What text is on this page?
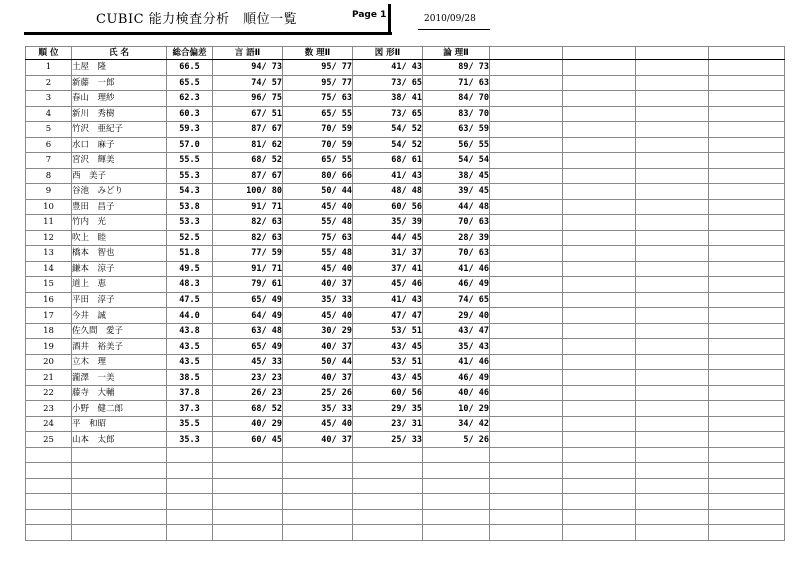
CUBIC 能力検査分析　順位一覧	Page 1	2010/09/28
順 位	氏 名	総合偏差	言 語Ⅱ	数 理Ⅱ	図 形Ⅱ	論 理Ⅱ				
1	土屋　隆	66.5	94/ 73	95/ 77	41/ 43	89/ 73				
2	新藤　一郎	65.5	74/ 57	95/ 77	73/ 65	71/ 63				
3	春山　理紗	62.3	96/ 75	75/ 63	38/ 41	84/ 70				
4	新川　秀樹	60.3	67/ 51	65/ 55	73/ 65	83/ 70				
5	竹沢　亜紀子	59.3	87/ 67	70/ 59	54/ 52	63/ 59				
6	水口　麻子	57.0	81/ 62	70/ 59	54/ 52	56/ 55				
7	宮沢　輝美	55.5	68/ 52	65/ 55	68/ 61	54/ 54				
8	西　美子	55.3	87/ 67	80/ 66	41/ 43	38/ 45				
9	谷池　みどり	54.3	100/ 80	50/ 44	48/ 48	39/ 45				
10	豊田　昌子	53.8	91/ 71	45/ 40	60/ 56	44/ 48				
11	竹内　光	53.3	82/ 63	55/ 48	35/ 39	70/ 63				
12	吹上　睦	52.5	82/ 63	75/ 63	44/ 45	28/ 39				
13	橋本　智也	51.8	77/ 59	55/ 48	31/ 37	70/ 63				
14	鎌本　涼子	49.5	91/ 71	45/ 40	37/ 41	41/ 46				
15	道上　恵	48.3	79/ 61	40/ 37	45/ 46	46/ 49				
16	平田　淳子	47.5	65/ 49	35/ 33	41/ 43	74/ 65				
17	今井　誠	44.0	64/ 49	45/ 40	47/ 47	29/ 40				
18	佐久間　愛子	43.8	63/ 48	30/ 29	53/ 51	43/ 47				
19	酒井　裕美子	43.5	65/ 49	40/ 37	43/ 45	35/ 43				
20	立木　理	43.5	45/ 33	50/ 44	53/ 51	41/ 46				
21	瀧澤　一美	38.5	23/ 23	40/ 37	43/ 45	46/ 49				
22	藤寺　大輔	37.8	26/ 23	25/ 26	60/ 56	40/ 46				
23	小野　健二郎	37.3	68/ 52	35/ 33	29/ 35	10/ 29				
24	平　和昭	35.5	40/ 29	45/ 40	23/ 31	34/ 42				
25	山本　太郎	35.3	60/ 45	40/ 37	25/ 33	5/ 26				
